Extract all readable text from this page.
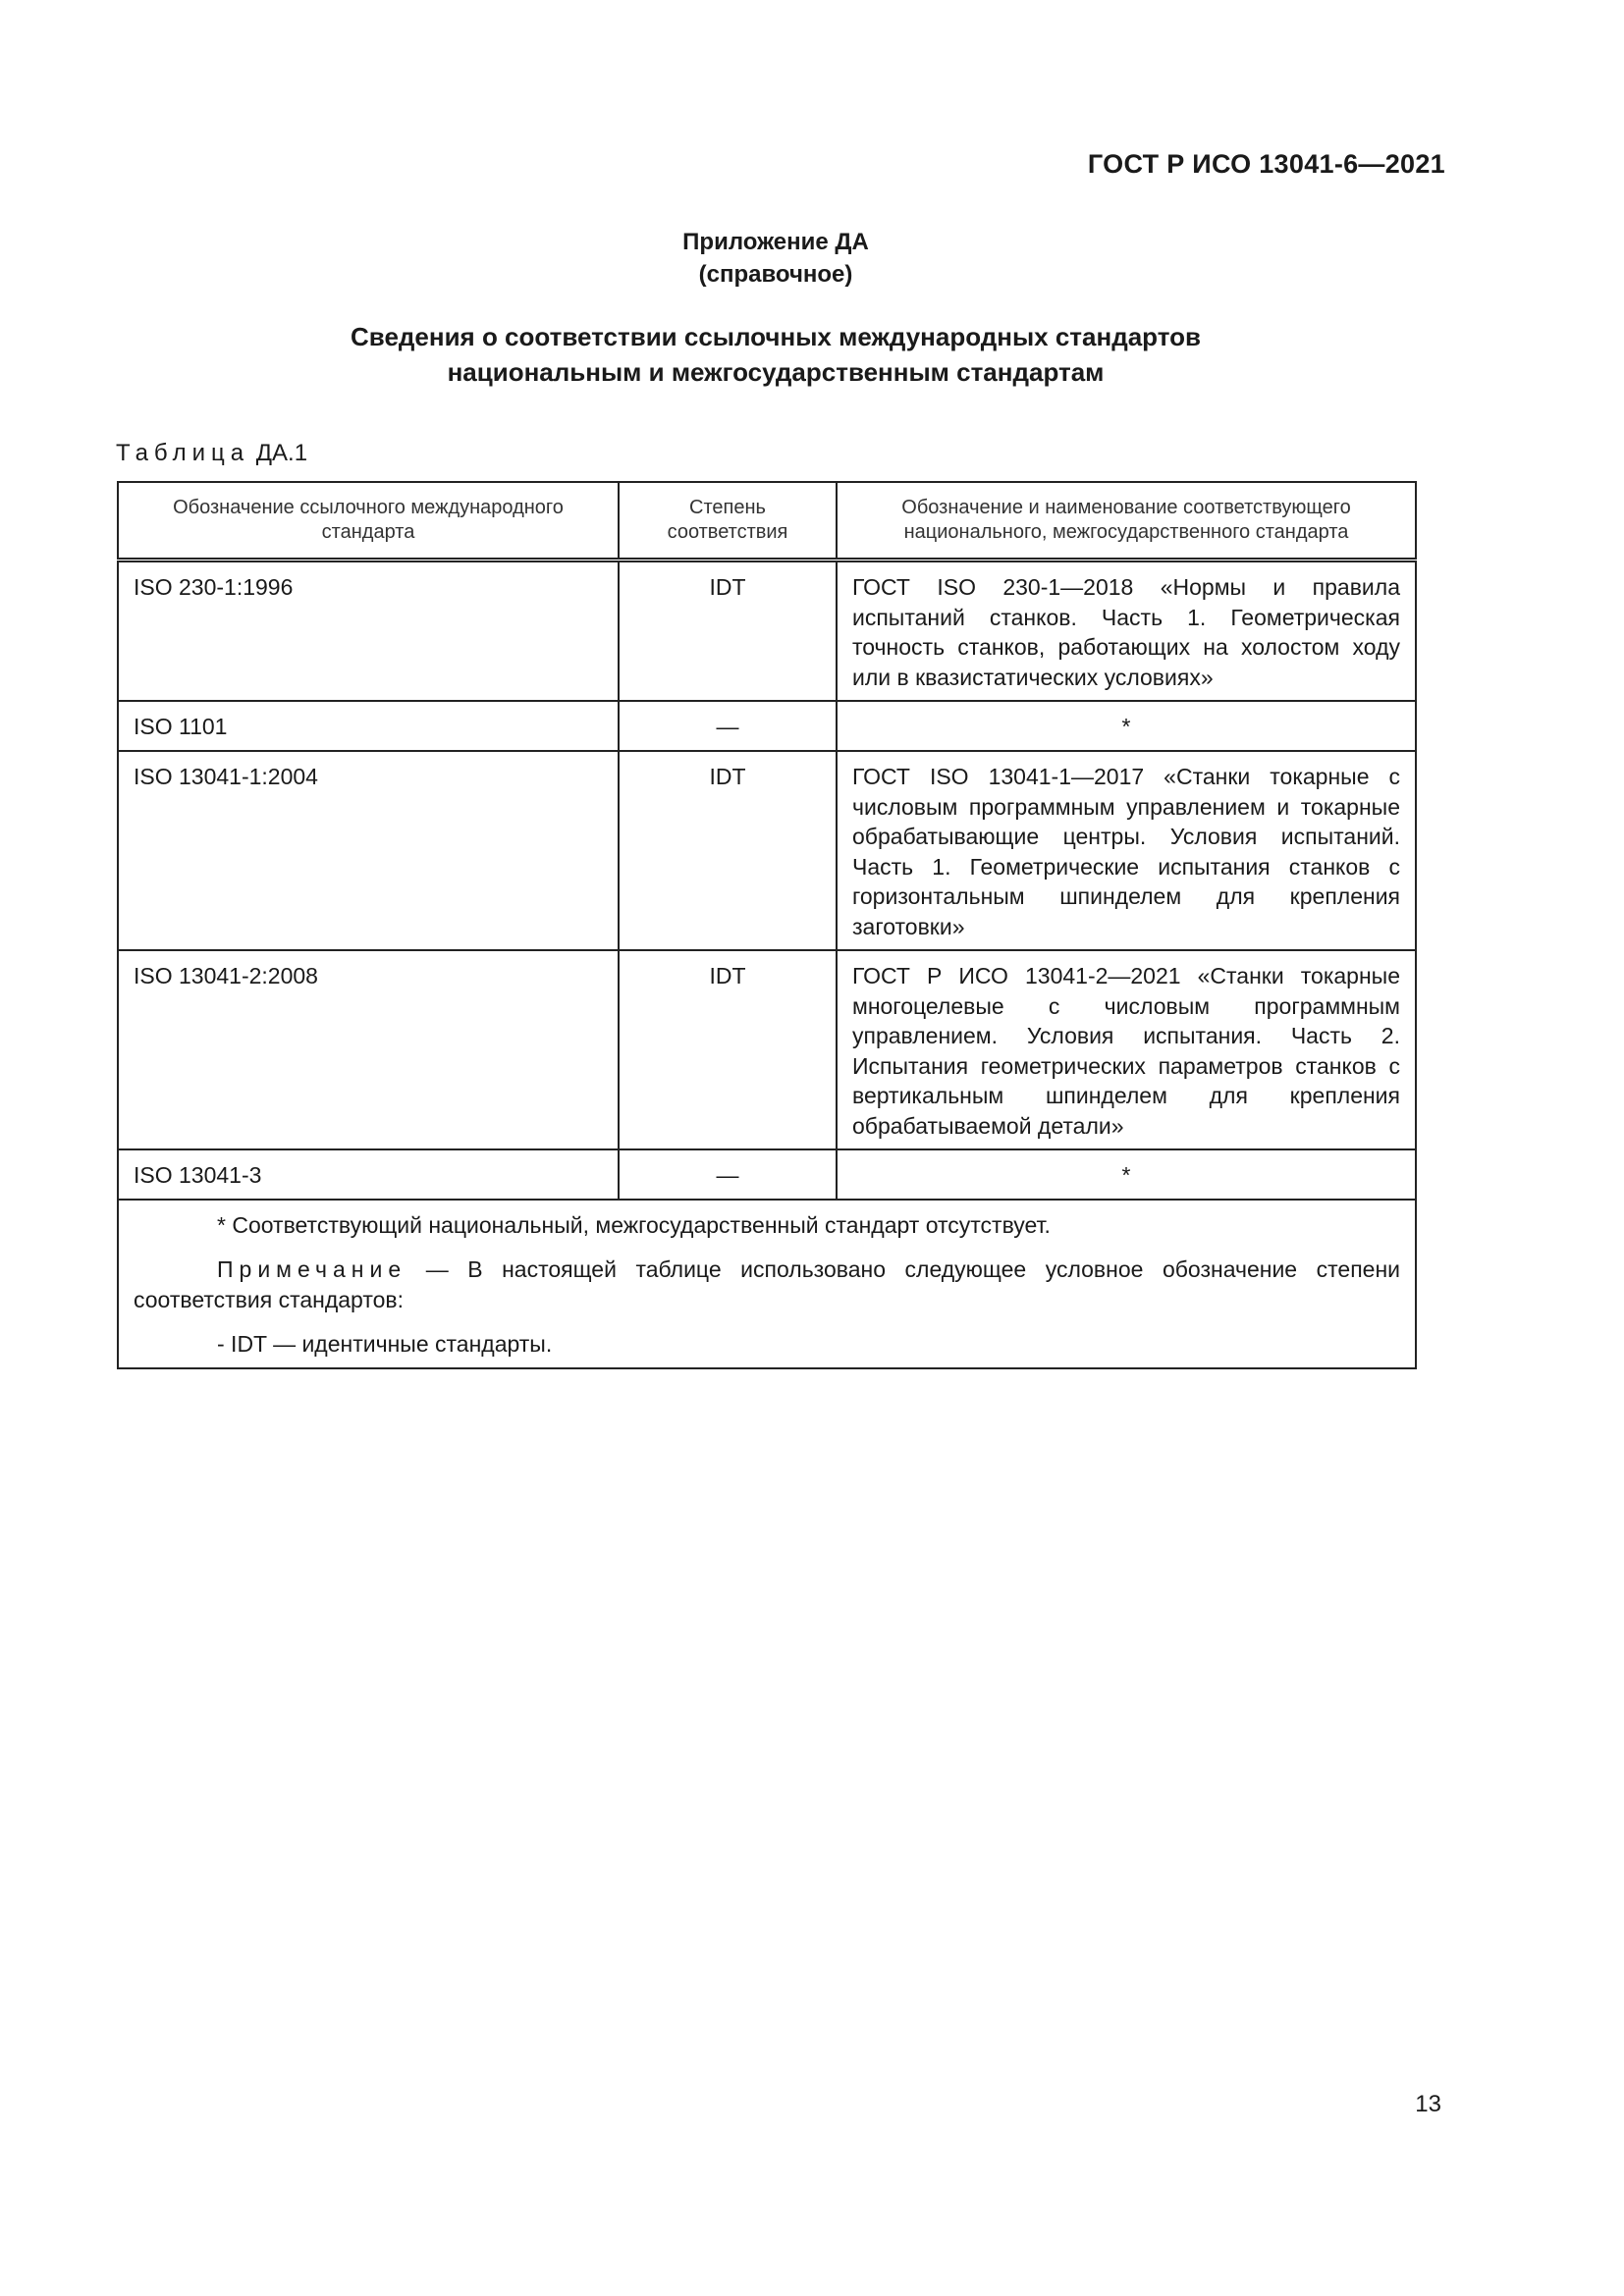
ГОСТ Р ИСО 13041-6—2021
Приложение ДА
(справочное)
Сведения о соответствии ссылочных международных стандартов
национальным и межгосударственным стандартам
Таблица ДА.1
Обозначение ссылочного международного стандарта	Степень соответствия	Обозначение и наименование соответствующего национального, межгосударственного стандарта
ISO 230-1:1996	IDT	ГОСТ ISO 230-1—2018 «Нормы и правила испытаний станков. Часть 1. Геометрическая точность станков, работающих на холостом ходу или в квазистатических условиях»
ISO 1101	—	*
ISO 13041-1:2004	IDT	ГОСТ ISO 13041-1—2017 «Станки токарные с числовым программным управлением и токарные обрабатывающие центры. Условия испытаний. Часть 1. Геометрические испытания станков с горизонтальным шпинделем для крепления заготовки»
ISO 13041-2:2008	IDT	ГОСТ Р ИСО 13041-2—2021 «Станки токарные многоцелевые с числовым программным управлением. Условия испытания. Часть 2. Испытания геометрических параметров станков с вертикальным шпинделем для крепления обрабатываемой детали»
ISO 13041-3	—	*

* Соответствующий национальный, межгосударственный стандарт отсутствует.

Примечание — В настоящей таблице использовано следующее условное обозначение степени соответствия стандартов:

- IDT — идентичные стандарты.		

13
